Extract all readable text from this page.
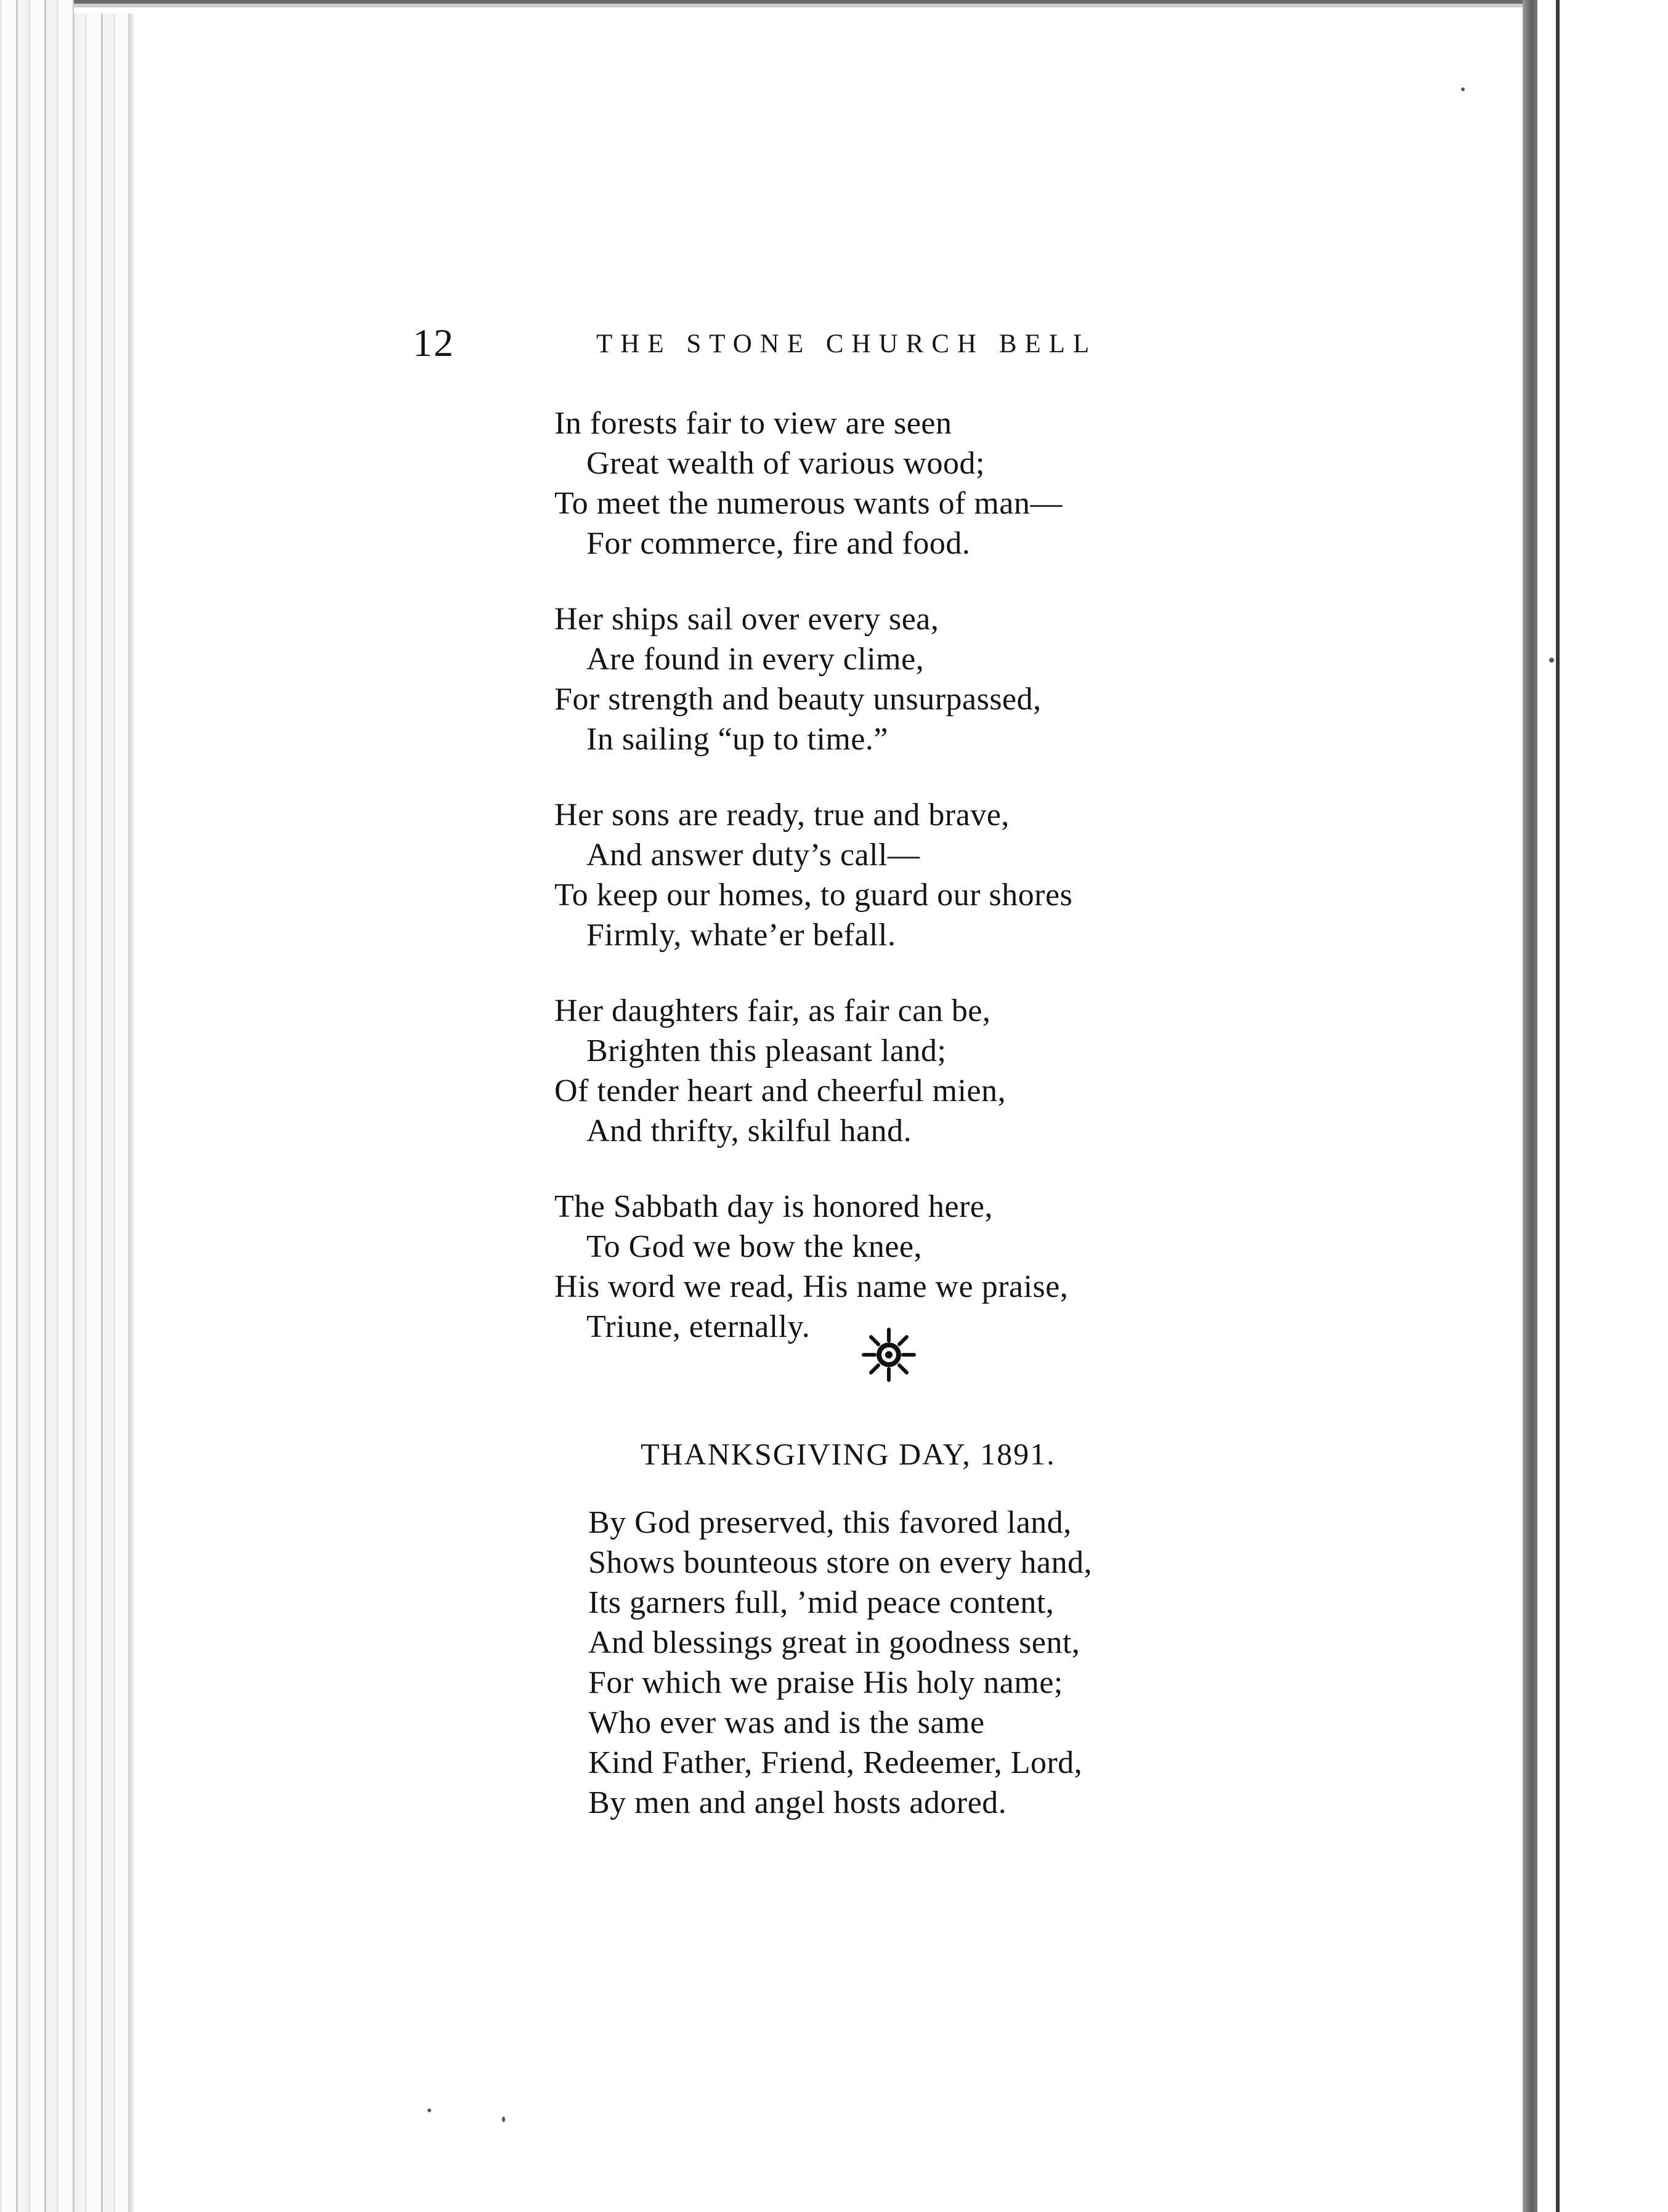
12	THE STONE CHURCH BELL
In forests fair to view are seen
Great wealth of various wood;
To meet the numerous wants of man—
For commerce, fire and food.
Her ships sail over every sea,
Are found in every clime,
For strength and beauty unsurpassed,
In sailing “up to time.”
Her sons are ready, true and brave,
And answer duty’s call—
To keep our homes, to guard our shores
Firmly, whate’er befall.
Her daughters fair, as fair can be,
Brighten this pleasant land;
Of tender heart and cheerful mien,
And thrifty, skilful hand.
The Sabbath day is honored here,
To God we bow the knee,
His word we read, His name we praise,
Triune, eternally.
THANKSGIVING DAY, 1891.
By God preserved, this favored land,
Shows bounteous store on every hand,
Its garners full, ’mid peace content,
And blessings great in goodness sent,
For which we praise His holy name;
Who ever was and is the same
Kind Father, Friend, Redeemer, Lord,
By men and angel hosts adored.
